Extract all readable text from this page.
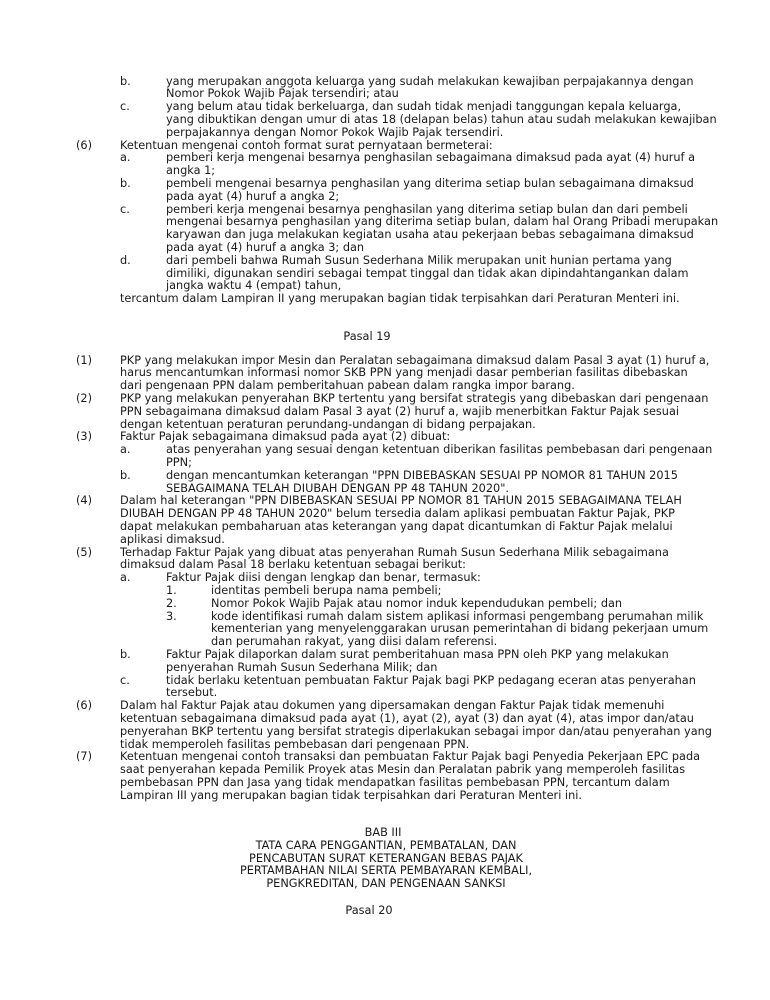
b.	yang merupakan anggota keluarga yang sudah melakukan kewajiban perpajakannya dengan
Nomor Pokok Wajib Pajak tersendiri; atau
c.	yang belum atau tidak berkeluarga, dan sudah tidak menjadi tanggungan kepala keluarga,
yang dibuktikan dengan umur di atas 18 (delapan belas) tahun atau sudah melakukan kewajiban
perpajakannya dengan Nomor Pokok Wajib Pajak tersendiri.
(6) Ketentuan mengenai contoh format surat pernyataan bermeterai:
a.	pemberi kerja mengenai besarnya penghasilan sebagaimana dimaksud pada ayat (4) huruf a
angka 1;
b.	pembeli mengenai besarnya penghasilan yang diterima setiap bulan sebagaimana dimaksud
pada ayat (4) huruf a angka 2;
c.	pemberi kerja mengenai besarnya penghasilan yang diterima setiap bulan dan dari pembeli
mengenai besarnya penghasilan yang diterima setiap bulan, dalam hal Orang Pribadi merupakan
karyawan dan juga melakukan kegiatan usaha atau pekerjaan bebas sebagaimana dimaksud
pada ayat (4) huruf a angka 3; dan
d.	dari pembeli bahwa Rumah Susun Sederhana Milik merupakan unit hunian pertama yang
dimiliki, digunakan sendiri sebagai tempat tinggal dan tidak akan dipindahtangankan dalam
jangka waktu 4 (empat) tahun,
tercantum dalam Lampiran II yang merupakan bagian tidak terpisahkan dari Peraturan Menteri ini.
Pasal 19
(1) PKP yang melakukan impor Mesin dan Peralatan sebagaimana dimaksud dalam Pasal 3 ayat (1) huruf a,
harus mencantumkan informasi nomor SKB PPN yang menjadi dasar pemberian fasilitas dibebaskan
dari pengenaan PPN dalam pemberitahuan pabean dalam rangka impor barang.
(2) PKP yang melakukan penyerahan BKP tertentu yang bersifat strategis yang dibebaskan dari pengenaan
PPN sebagaimana dimaksud dalam Pasal 3 ayat (2) huruf a, wajib menerbitkan Faktur Pajak sesuai
dengan ketentuan peraturan perundang-undangan di bidang perpajakan.
(3) Faktur Pajak sebagaimana dimaksud pada ayat (2) dibuat:
a.	atas penyerahan yang sesuai dengan ketentuan diberikan fasilitas pembebasan dari pengenaan
PPN;
b.	dengan mencantumkan keterangan "PPN DIBEBASKAN SESUAI PP NOMOR 81 TAHUN 2015
SEBAGAIMANA TELAH DIUBAH DENGAN PP 48 TAHUN 2020".
(4) Dalam hal keterangan "PPN DIBEBASKAN SESUAI PP NOMOR 81 TAHUN 2015 SEBAGAIMANA TELAH
DIUBAH DENGAN PP 48 TAHUN 2020" belum tersedia dalam aplikasi pembuatan Faktur Pajak, PKP
dapat melakukan pembaharuan atas keterangan yang dapat dicantumkan di Faktur Pajak melalui
aplikasi dimaksud.
(5) Terhadap Faktur Pajak yang dibuat atas penyerahan Rumah Susun Sederhana Milik sebagaimana
dimaksud dalam Pasal 18 berlaku ketentuan sebagai berikut:
a.	Faktur Pajak diisi dengan lengkap dan benar, termasuk:
1.	identitas pembeli berupa nama pembeli;
2.	Nomor Pokok Wajib Pajak atau nomor induk kependudukan pembeli; dan
3.	kode identifikasi rumah dalam sistem aplikasi informasi pengembang perumahan milik
kementerian yang menyelenggarakan urusan pemerintahan di bidang pekerjaan umum
dan perumahan rakyat, yang diisi dalam referensi.
b.	Faktur Pajak dilaporkan dalam surat pemberitahuan masa PPN oleh PKP yang melakukan
penyerahan Rumah Susun Sederhana Milik; dan
c.	tidak berlaku ketentuan pembuatan Faktur Pajak bagi PKP pedagang eceran atas penyerahan
tersebut.
(6) Dalam hal Faktur Pajak atau dokumen yang dipersamakan dengan Faktur Pajak tidak memenuhi
ketentuan sebagaimana dimaksud pada ayat (1), ayat (2), ayat (3) dan ayat (4), atas impor dan/atau
penyerahan BKP tertentu yang bersifat strategis diperlakukan sebagai impor dan/atau penyerahan yang
tidak memperoleh fasilitas pembebasan dari pengenaan PPN.
(7) Ketentuan mengenai contoh transaksi dan pembuatan Faktur Pajak bagi Penyedia Pekerjaan EPC pada
saat penyerahan kepada Pemilik Proyek atas Mesin dan Peralatan pabrik yang memperoleh fasilitas
pembebasan PPN dan Jasa yang tidak mendapatkan fasilitas pembebasan PPN, tercantum dalam
Lampiran III yang merupakan bagian tidak terpisahkan dari Peraturan Menteri ini.
BAB III
TATA CARA PENGGANTIAN, PEMBATALAN, DAN
PENCABUTAN SURAT KETERANGAN BEBAS PAJAK
PERTAMBAHAN NILAI SERTA PEMBAYARAN KEMBALI,
PENGKREDITAN, DAN PENGENAAN SANKSI
Pasal 20
